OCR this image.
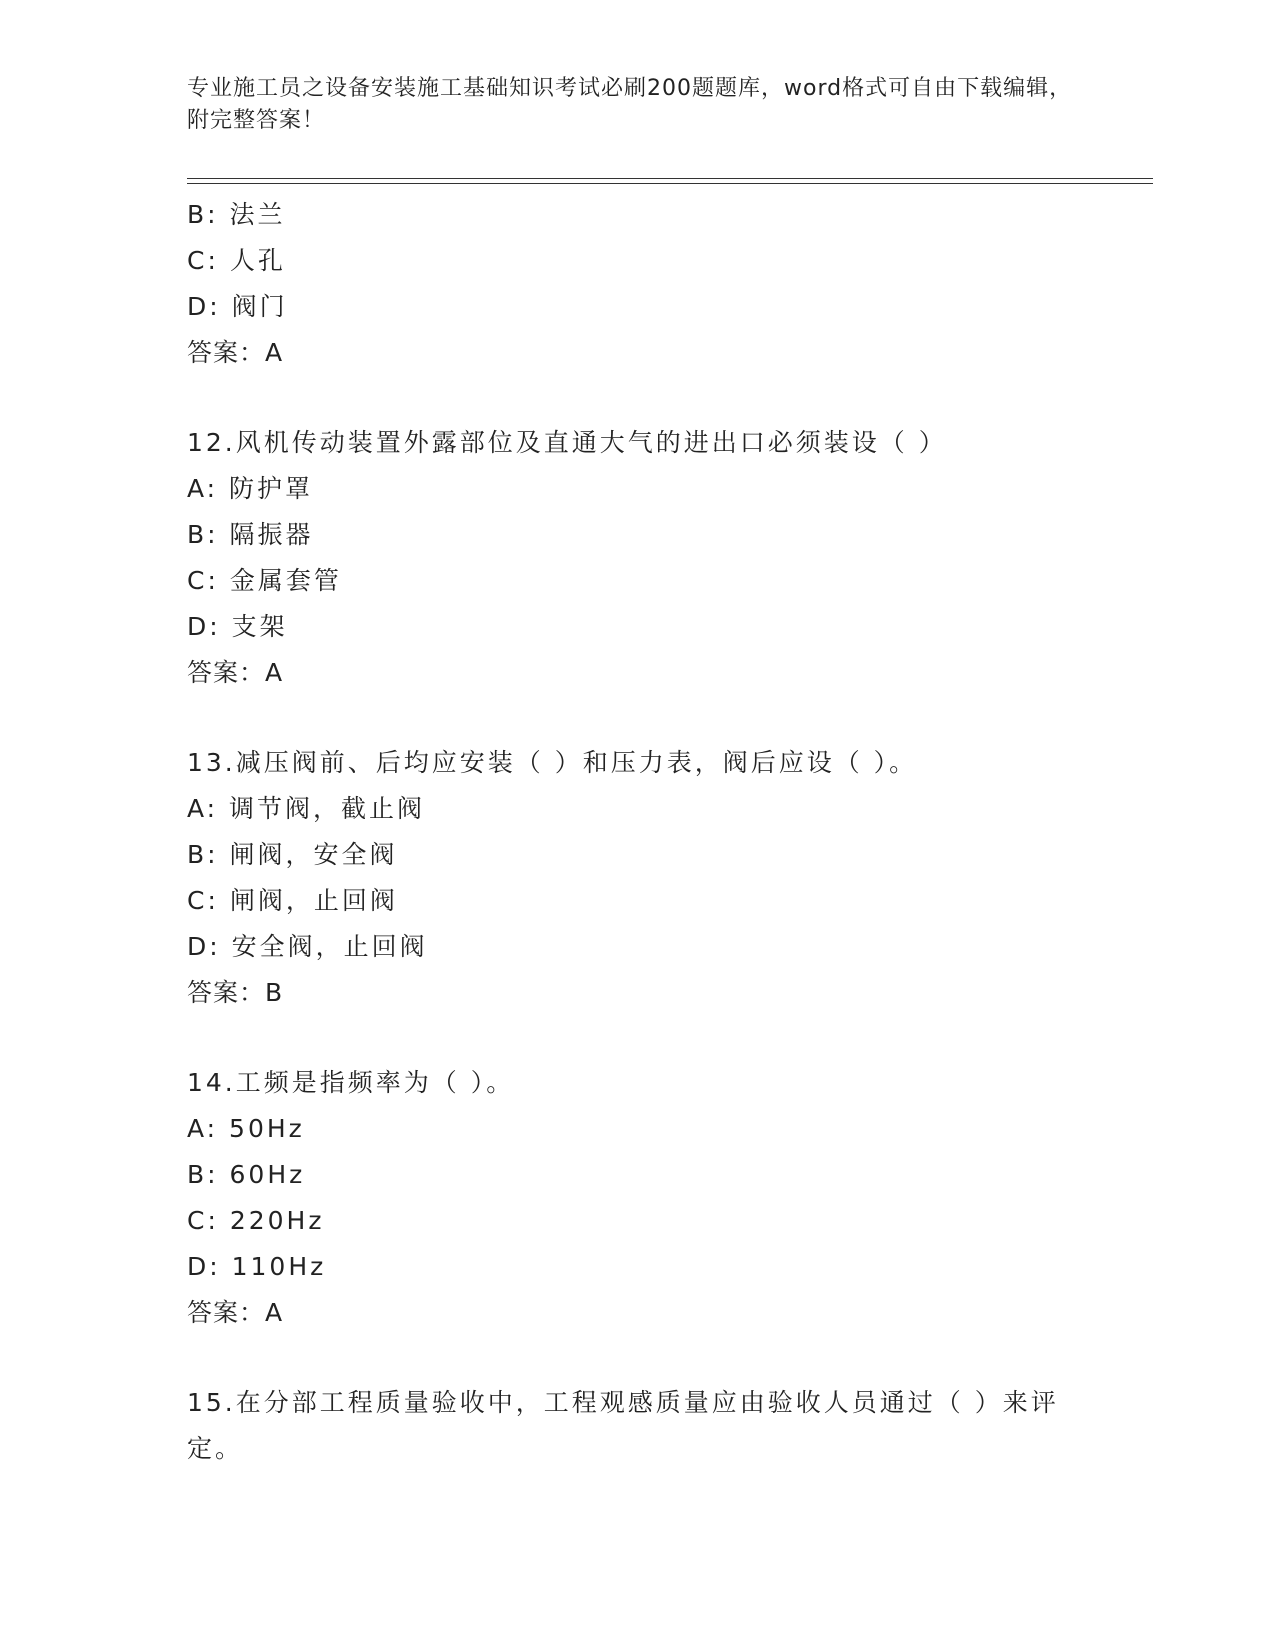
专业施工员之设备安装施工基础知识考试必刷200题题库，word格式可自由下载编辑，附完整答案！
B: 法兰
C: 人孔
D: 阀门
答案：A
12.风机传动装置外露部位及直通大气的进出口必须装设（ ）
A: 防护罩
B: 隔振器
C: 金属套管
D: 支架
答案：A
13.减压阀前、后均应安装（ ）和压力表，阀后应设（ ）。
A: 调节阀，截止阀
B: 闸阀，安全阀
C: 闸阀，止回阀
D: 安全阀，止回阀
答案：B
14.工频是指频率为（ ）。
A: 50Hz
B: 60Hz
C: 220Hz
D: 110Hz
答案：A
15.在分部工程质量验收中，工程观感质量应由验收人员通过（ ）来评定。
